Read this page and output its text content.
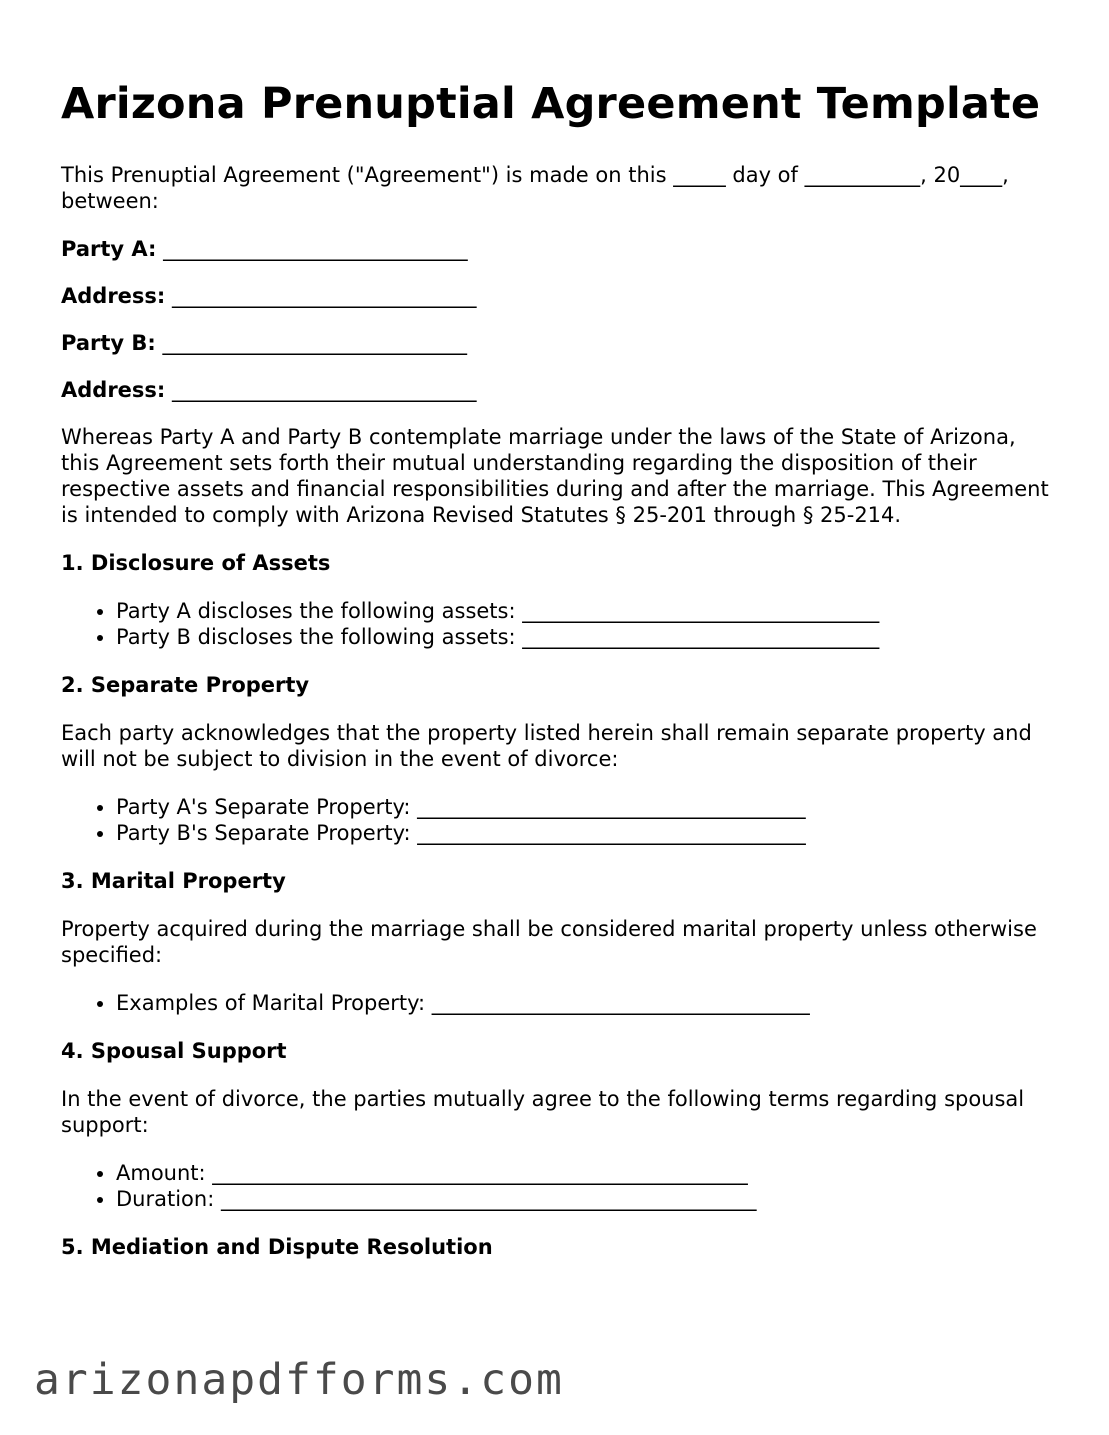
Arizona Prenuptial Agreement Template

This Prenuptial Agreement ("Agreement") is made on this _____ day of ___________, 20____, between:

Party A: _____________________________
Address: _____________________________
Party B: _____________________________
Address: _____________________________

Whereas Party A and Party B contemplate marriage under the laws of the State of Arizona, this Agreement sets forth their mutual understanding regarding the disposition of their respective assets and financial responsibilities during and after the marriage. This Agreement is intended to comply with Arizona Revised Statutes § 25-201 through § 25-214.

1. Disclosure of Assets
• Party A discloses the following assets: __________________________________
• Party B discloses the following assets: __________________________________
2. Separate Property

Each party acknowledges that the property listed herein shall remain separate property and will not be subject to division in the event of divorce:

• Party A's Separate Property: _____________________________________
• Party B's Separate Property: _____________________________________
3. Marital Property

Property acquired during the marriage shall be considered marital property unless otherwise specified:

• Examples of Marital Property: ____________________________________
4. Spousal Support

In the event of divorce, the parties mutually agree to the following terms regarding spousal support:

• Amount: ___________________________________________________
• Duration: ___________________________________________________
5. Mediation and Dispute Resolution
arizonapdfforms.com
